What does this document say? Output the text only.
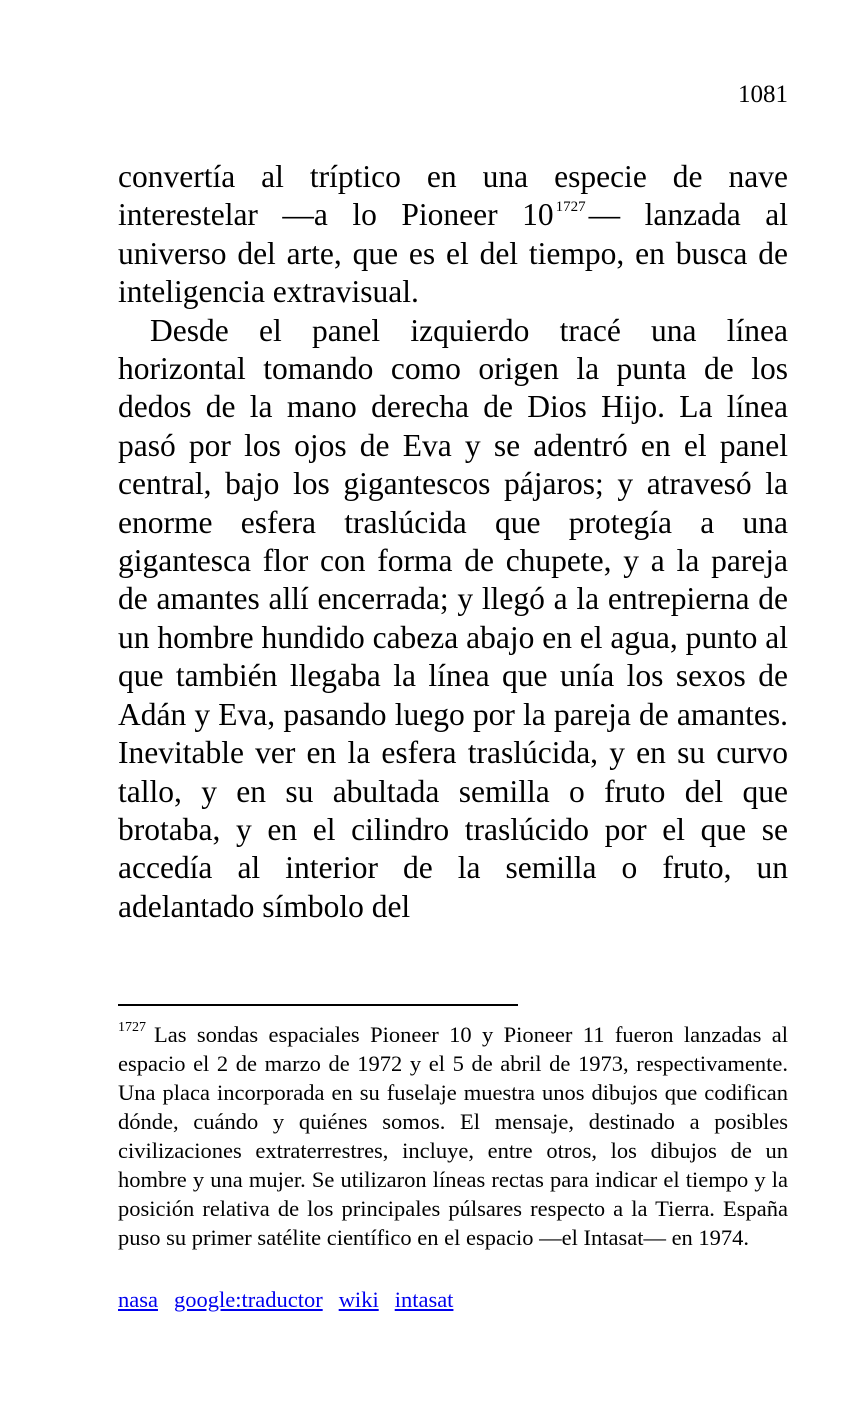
1081

convertía al tríptico en una especie de nave interestelar —a lo Pioneer 10 $^{1727}$— lanzada al universo del arte, que es el del tiempo, en busca de inteligencia extravisual.

Desde el panel izquierdo tracé una línea horizontal tomando como origen la punta de los dedos de la mano derecha de Dios Hijo. La línea pasó por los ojos de Eva y se adentró en el panel central, bajo los gigantescos pájaros; y atravesó la enorme esfera traslúcida que protegía a una gigantesca flor con forma de chupete, y a la pareja de amantes allí encerrada; y llegó a la entrepierna de un hombre hundido cabeza abajo en el agua, punto al que también llegaba la línea que unía los sexos de Adán y Eva, pasando luego por la pareja de amantes. Inevitable ver en la esfera traslúcida, y en su curvo tallo, y en su abultada semilla o fruto del que brotaba, y en el cilindro traslúcido por el que se accedía al interior de la semilla o fruto, un adelantado símbolo del

$^{1727}$ Las sondas espaciales Pioneer 10 y Pioneer 11 fueron lanzadas al espacio el 2 de marzo de 1972 y el 5 de abril de 1973, respectivamente. Una placa incorporada en su fuselaje muestra unos dibujos que codifican dónde, cuándo y quiénes somos. El mensaje, destinado a posibles civilizaciones extraterrestres, incluye, entre otros, los dibujos de un hombre y una mujer. Se utilizaron líneas rectas para indicar el tiempo y la posición relativa de los principales púlsares respecto a la Tierra. España puso su primer satélite científico en el espacio —el Intasat— en 1974.

nasa google:traductor wiki intasat
